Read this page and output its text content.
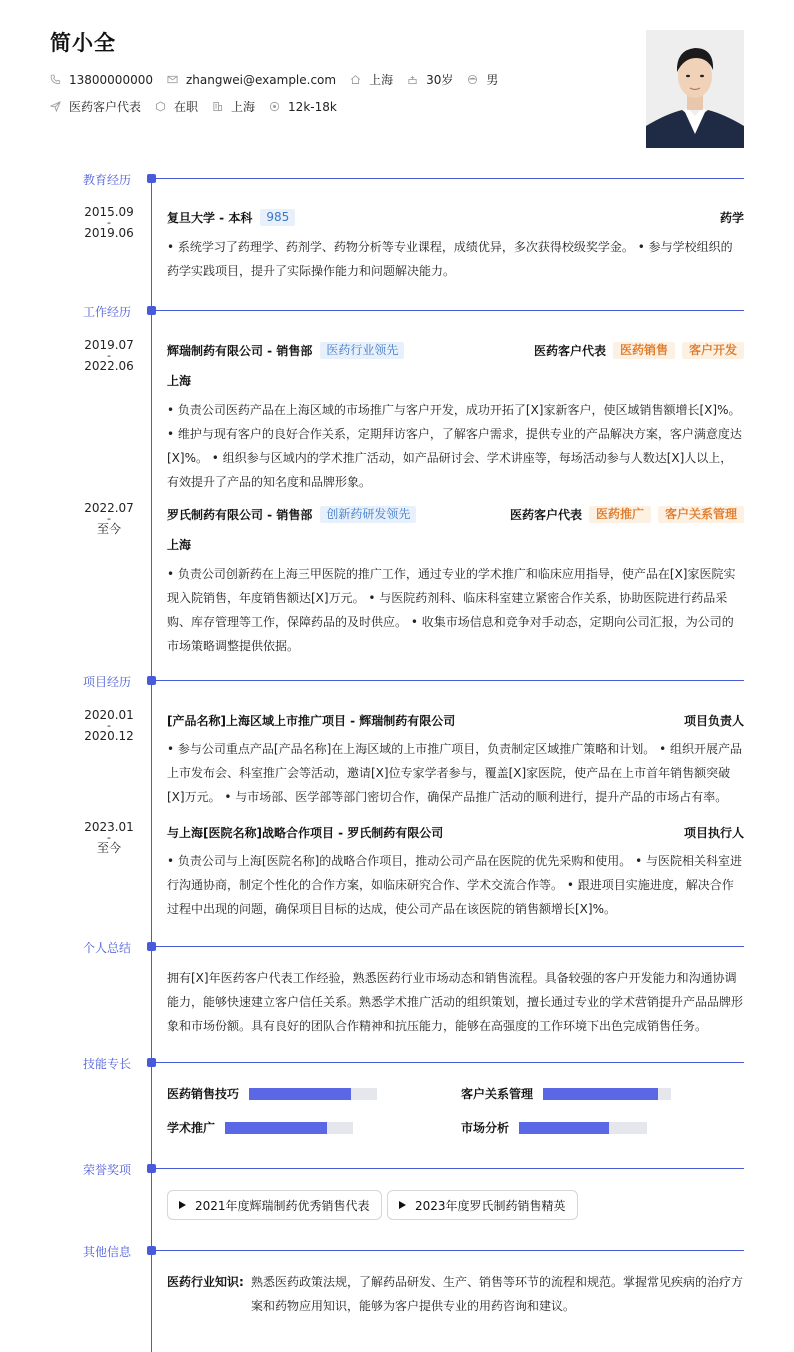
简小全
13800000000	zhangwei@example.com	上海	30岁	男
医药客户代表	在职	上海	12k-18k
教育经历
工作经历
项目经历
个人总结
技能专长
荣誉奖项
其他信息
2015.09
-
2019.06
复旦大学 - 本科	985	药学
• 系统学习了药理学、药剂学、药物分析等专业课程，成绩优异，多次获得校级奖学金。 • 参与学校组织的药学实践项目，提升了实际操作能力和问题解决能力。
2019.07
-
2022.06
辉瑞制药有限公司 - 销售部	医药行业领先	医药客户代表	医药销售	客户开发
上海
• 负责公司医药产品在上海区域的市场推广与客户开发，成功开拓了[X]家新客户，使区域销售额增长[X]%。 • 维护与现有客户的良好合作关系，定期拜访客户，了解客户需求，提供专业的产品解决方案，客户满意度达[X]%。 • 组织参与区域内的学术推广活动，如产品研讨会、学术讲座等，每场活动参与人数达[X]人以上，有效提升了产品的知名度和品牌形象。
2022.07
-
至今
罗氏制药有限公司 - 销售部	创新药研发领先	医药客户代表	医药推广	客户关系管理
上海
• 负责公司创新药在上海三甲医院的推广工作，通过专业的学术推广和临床应用指导，使产品在[X]家医院实现入院销售，年度销售额达[X]万元。 • 与医院药剂科、临床科室建立紧密合作关系，协助医院进行药品采购、库存管理等工作，保障药品的及时供应。 • 收集市场信息和竞争对手动态，定期向公司汇报，为公司的市场策略调整提供依据。
2020.01
-
2020.12
[产品名称]上海区域上市推广项目 - 辉瑞制药有限公司	项目负责人
• 参与公司重点产品[产品名称]在上海区域的上市推广项目，负责制定区域推广策略和计划。 • 组织开展产品上市发布会、科室推广会等活动，邀请[X]位专家学者参与，覆盖[X]家医院，使产品在上市首年销售额突破[X]万元。 • 与市场部、医学部等部门密切合作，确保产品推广活动的顺利进行，提升产品的市场占有率。
2023.01
-
至今
与上海[医院名称]战略合作项目 - 罗氏制药有限公司	项目执行人
• 负责公司与上海[医院名称]的战略合作项目，推动公司产品在医院的优先采购和使用。 • 与医院相关科室进行沟通协商，制定个性化的合作方案，如临床研究合作、学术交流合作等。 • 跟进项目实施进度，解决合作过程中出现的问题，确保项目目标的达成，使公司产品在该医院的销售额增长[X]%。
拥有[X]年医药客户代表工作经验，熟悉医药行业市场动态和销售流程。具备较强的客户开发能力和沟通协调能力，能够快速建立客户信任关系。熟悉学术推广活动的组织策划，擅长通过专业的学术营销提升产品品牌形象和市场份额。具有良好的团队合作精神和抗压能力，能够在高强度的工作环境下出色完成销售任务。
医药销售技巧	客户关系管理
学术推广	市场分析
2021年度辉瑞制药优秀销售代表	2023年度罗氏制药销售精英
医药行业知识: 熟悉医药政策法规，了解药品研发、生产、销售等环节的流程和规范。掌握常见疾病的治疗方案和药物应用知识，能够为客户提供专业的用药咨询和建议。
